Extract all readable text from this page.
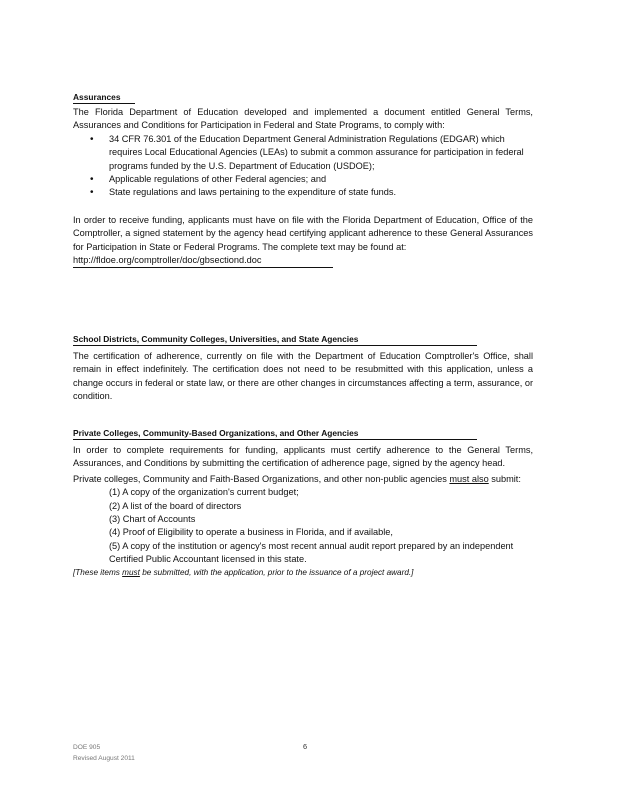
Assurances

The Florida Department of Education developed and implemented a document entitled General Terms, Assurances and Conditions for Participation in Federal and State Programs, to comply with:

• 34 CFR 76.301 of the Education Department General Administration Regulations (EDGAR) which requires Local Educational Agencies (LEAs) to submit a common assurance for participation in federal programs funded by the U.S. Department of Education (USDOE);
• Applicable regulations of other Federal agencies; and
• State regulations and laws pertaining to the expenditure of state funds.

In order to receive funding, applicants must have on file with the Florida Department of Education, Office of the Comptroller, a signed statement by the agency head certifying applicant adherence to these General Assurances for Participation in State or Federal Programs. The complete text may be found at:

http://fldoe.org/comptroller/doc/gbsectiond.doc

School Districts, Community Colleges, Universities, and State Agencies

The certification of adherence, currently on file with the Department of Education Comptroller's Office, shall remain in effect indefinitely. The certification does not need to be resubmitted with this application, unless a change occurs in federal or state law, or there are other changes in circumstances affecting a term, assurance, or condition.

Private Colleges, Community-Based Organizations, and Other Agencies

In order to complete requirements for funding, applicants must certify adherence to the General Terms, Assurances, and Conditions by submitting the certification of adherence page, signed by the agency head.

Private colleges, Community and Faith-Based Organizations, and other non-public agencies must also submit:

(1) A copy of the organization's current budget;
(2) A list of the board of directors
(3) Chart of Accounts
(4) Proof of Eligibility to operate a business in Florida, and if available,
(5) A copy of the institution or agency's most recent annual audit report prepared by an independent Certified Public Accountant licensed in this state.

[These items must be submitted, with the application, prior to the issuance of a project award.]

DOE 905
Revised August 2011
6
